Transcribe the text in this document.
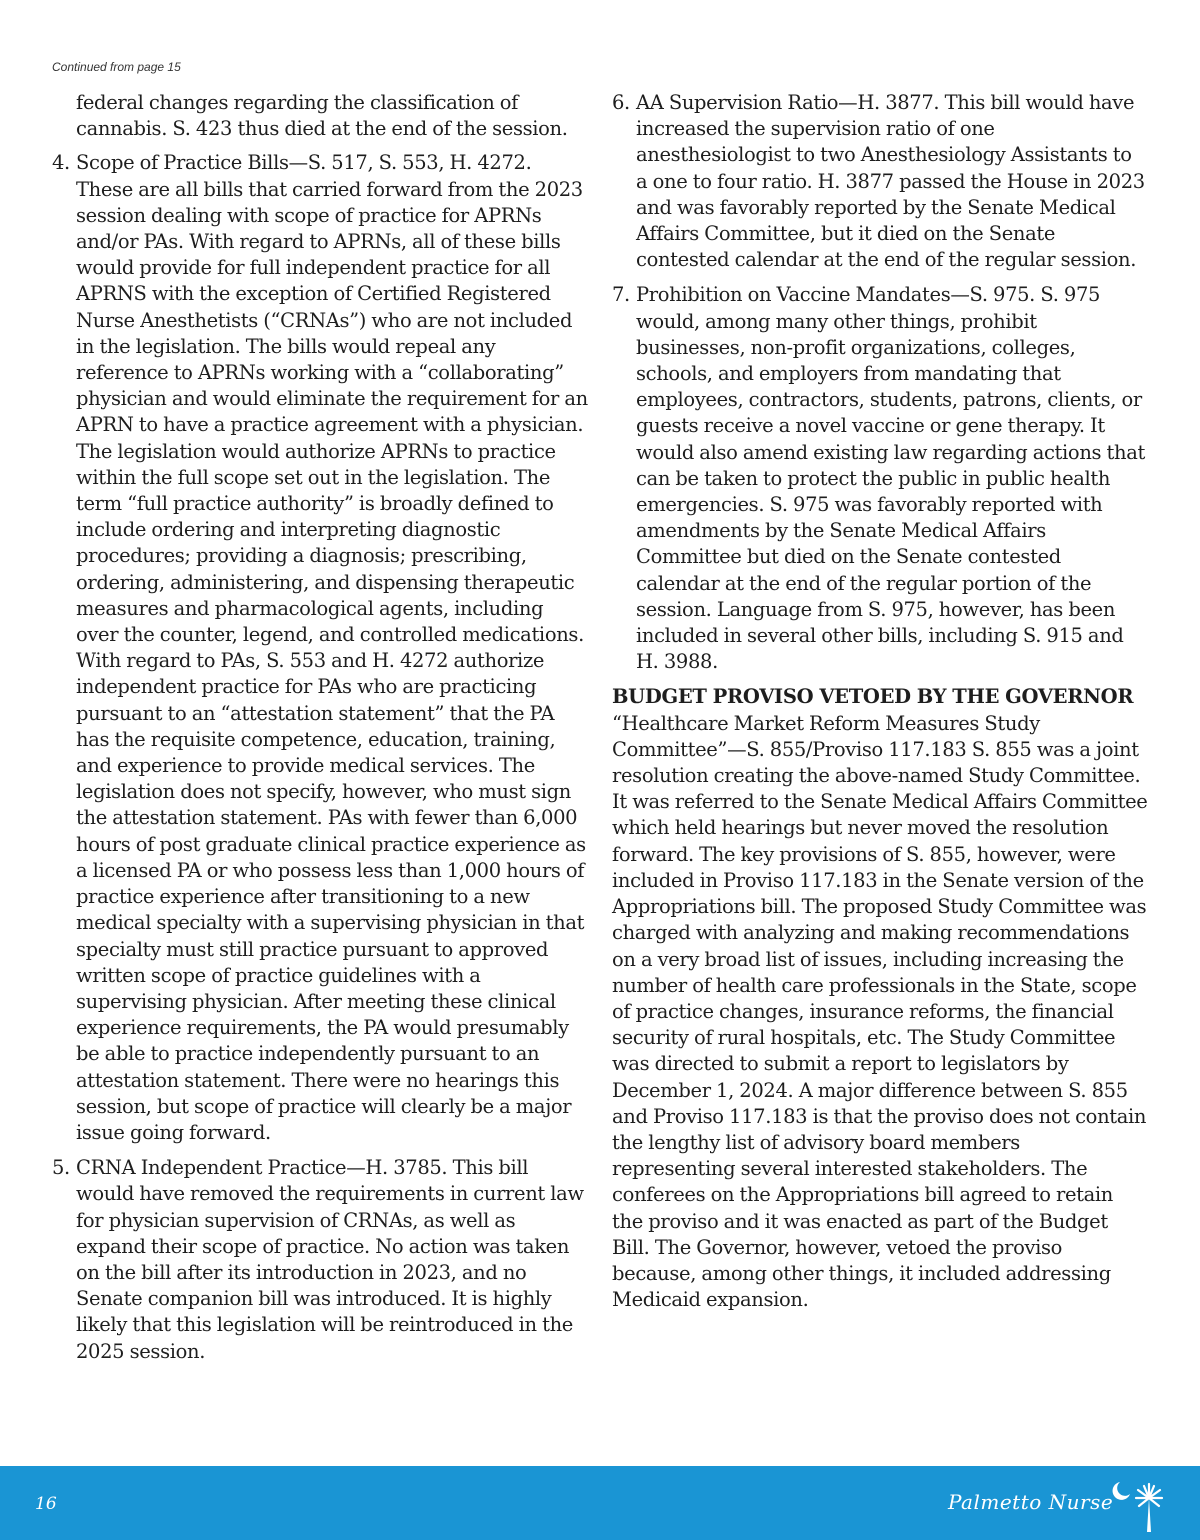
Continued from page 15
federal changes regarding the classification of cannabis. S. 423 thus died at the end of the session.
4. Scope of Practice Bills—S. 517, S. 553, H. 4272. These are all bills that carried forward from the 2023 session dealing with scope of practice for APRNs and/or PAs. With regard to APRNs, all of these bills would provide for full independent practice for all APRNS with the exception of Certified Registered Nurse Anesthetists (“CRNAs”) who are not included in the legislation. The bills would repeal any reference to APRNs working with a “collaborating” physician and would eliminate the requirement for an APRN to have a practice agreement with a physician. The legislation would authorize APRNs to practice within the full scope set out in the legislation. The term “full practice authority” is broadly defined to include ordering and interpreting diagnostic procedures; providing a diagnosis; prescribing, ordering, administering, and dispensing therapeutic measures and pharmacological agents, including over the counter, legend, and controlled medications. With regard to PAs, S. 553 and H. 4272 authorize independent practice for PAs who are practicing pursuant to an “attestation statement” that the PA has the requisite competence, education, training, and experience to provide medical services. The legislation does not specify, however, who must sign the attestation statement. PAs with fewer than 6,000 hours of post graduate clinical practice experience as a licensed PA or who possess less than 1,000 hours of practice experience after transitioning to a new medical specialty with a supervising physician in that specialty must still practice pursuant to approved written scope of practice guidelines with a supervising physician. After meeting these clinical experience requirements, the PA would presumably be able to practice independently pursuant to an attestation statement. There were no hearings this session, but scope of practice will clearly be a major issue going forward.
5. CRNA Independent Practice—H. 3785. This bill would have removed the requirements in current law for physician supervision of CRNAs, as well as expand their scope of practice. No action was taken on the bill after its introduction in 2023, and no Senate companion bill was introduced. It is highly likely that this legislation will be reintroduced in the 2025 session.
6. AA Supervision Ratio—H. 3877. This bill would have increased the supervision ratio of one anesthesiologist to two Anesthesiology Assistants to a one to four ratio. H. 3877 passed the House in 2023 and was favorably reported by the Senate Medical Affairs Committee, but it died on the Senate contested calendar at the end of the regular session.
7. Prohibition on Vaccine Mandates—S. 975. S. 975 would, among many other things, prohibit businesses, non-profit organizations, colleges, schools, and employers from mandating that employees, contractors, students, patrons, clients, or guests receive a novel vaccine or gene therapy. It would also amend existing law regarding actions that can be taken to protect the public in public health emergencies. S. 975 was favorably reported with amendments by the Senate Medical Affairs Committee but died on the Senate contested calendar at the end of the regular portion of the session. Language from S. 975, however, has been included in several other bills, including S. 915 and H. 3988.
BUDGET PROVISO VETOED BY THE GOVERNOR
“Healthcare Market Reform Measures Study Committee”—S. 855/Proviso 117.183 S. 855 was a joint resolution creating the above-named Study Committee. It was referred to the Senate Medical Affairs Committee which held hearings but never moved the resolution forward. The key provisions of S. 855, however, were included in Proviso 117.183 in the Senate version of the Appropriations bill. The proposed Study Committee was charged with analyzing and making recommendations on a very broad list of issues, including increasing the number of health care professionals in the State, scope of practice changes, insurance reforms, the financial security of rural hospitals, etc. The Study Committee was directed to submit a report to legislators by December 1, 2024. A major difference between S. 855 and Proviso 117.183 is that the proviso does not contain the lengthy list of advisory board members representing several interested stakeholders. The conferees on the Appropriations bill agreed to retain the proviso and it was enacted as part of the Budget Bill. The Governor, however, vetoed the proviso because, among other things, it included addressing Medicaid expansion.
16	Palmetto Nurse
